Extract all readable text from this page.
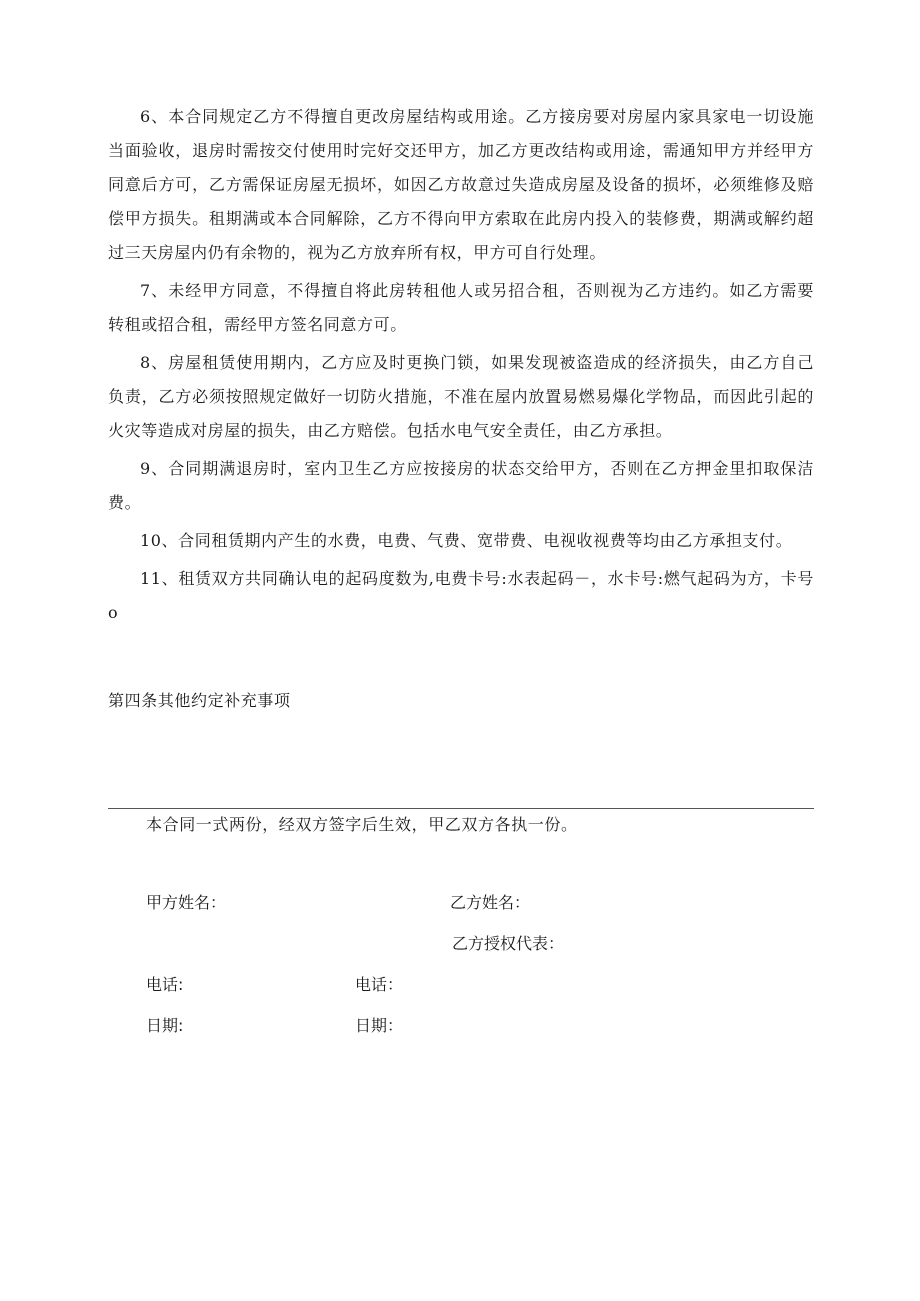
6、本合同规定乙方不得擅自更改房屋结构或用途。乙方接房要对房屋内家具家电一切设施当面验收，退房时需按交付使用时完好交还甲方，加乙方更改结构或用途，需通知甲方并经甲方同意后方可，乙方需保证房屋无损坏，如因乙方故意过失造成房屋及设备的损坏，必须维修及赔偿甲方损失。租期满或本合同解除，乙方不得向甲方索取在此房内投入的装修费，期满或解约超过三天房屋内仍有余物的，视为乙方放弃所有权，甲方可自行处理。

7、未经甲方同意，不得擅自将此房转租他人或另招合租，否则视为乙方违约。如乙方需要转租或招合租，需经甲方签名同意方可。

8、房屋租赁使用期内，乙方应及时更换门锁，如果发现被盗造成的经济损失，由乙方自己负责，乙方必须按照规定做好一切防火措施，不准在屋内放置易燃易爆化学物品，而因此引起的火灾等造成对房屋的损失，由乙方赔偿。包括水电气安全责任，由乙方承担。

9、合同期满退房时，室内卫生乙方应按接房的状态交给甲方，否则在乙方押金里扣取保洁费。

10、合同租赁期内产生的水费，电费、气费、宽带费、电视收视费等均由乙方承担支付。

11、租赁双方共同确认电的起码度数为,电费卡号:水表起码－，水卡号:燃气起码为方，卡号o

第四条其他约定补充事项
本合同一式两份，经双方签字后生效，甲乙双方各执一份。
甲方姓名：	乙方姓名：
乙方授权代表：
电话:	电话：
日期:	日期：
